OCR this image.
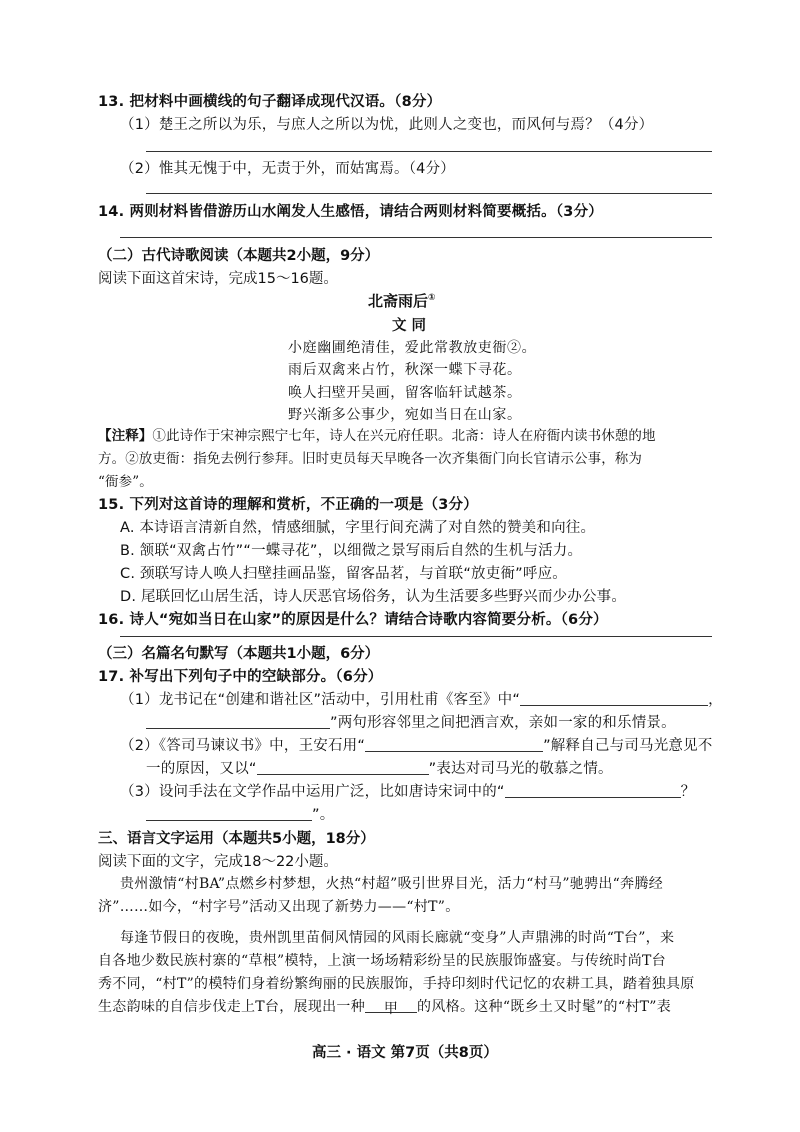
13. 把材料中画横线的句子翻译成现代汉语。（8分）
（1）楚王之所以为乐，与庶人之所以为忧，此则人之变也，而风何与焉？（4分）
（2）惟其无愧于中，无责于外，而姑寓焉。（4分）
14. 两则材料皆借游历山水阐发人生感悟，请结合两则材料简要概括。（3分）
（二）古代诗歌阅读（本题共2小题，9分）
阅读下面这首宋诗，完成15～16题。
北斋雨后①
文 同
小庭幽圃绝清佳，爱此常教放吏衙②。
雨后双禽来占竹，秋深一蝶下寻花。
唤人扫壁开吴画，留客临轩试越茶。
野兴渐多公事少，宛如当日在山家。
【注释】①此诗作于宋神宗熙宁七年，诗人在兴元府任职。北斋：诗人在府衙内读书休憩的地
方。②放吏衙：指免去例行参拜。旧时吏员每天早晚各一次齐集衙门向长官请示公事，称为
“衙参”。
15. 下列对这首诗的理解和赏析，不正确的一项是（3分）
A. 本诗语言清新自然，情感细腻，字里行间充满了对自然的赞美和向往。
B. 颔联“双禽占竹”“一蝶寻花”，以细微之景写雨后自然的生机与活力。
C. 颈联写诗人唤人扫壁挂画品鉴，留客品茗，与首联“放吏衙”呼应。
D. 尾联回忆山居生活，诗人厌恶官场俗务，认为生活要多些野兴而少办公事。
16. 诗人“宛如当日在山家”的原因是什么？请结合诗歌内容简要分析。（6分）
（三）名篇名句默写（本题共1小题，6分）
17. 补写出下列句子中的空缺部分。（6分）
（1）龙书记在“创建和谐社区”活动中，引用杜甫《客至》中“	，
”两句形容邻里之间把酒言欢，亲如一家的和乐情景。
（2）《答司马谏议书》中，王安石用“	”解释自己与司马光意见不
一的原因，又以“	”表达对司马光的敬慕之情。
（3）设问手法在文学作品中运用广泛，比如唐诗宋词中的“	？
”。
三、语言文字运用（本题共5小题，18分）
阅读下面的文字，完成18～22小题。
贵州激情“村BA”点燃乡村梦想，火热“村超”吸引世界目光，活力“村马”驰骋出“奔腾经
济”……如今，“村字号”活动又出现了新势力——“村T”。
每逢节假日的夜晚，贵州凯里苗侗风情园的风雨长廊就“变身”人声鼎沸的时尚“T台”，来
自各地少数民族村寨的“草根”模特，上演一场场精彩纷呈的民族服饰盛宴。与传统时尚T台
秀不同，“村T”的模特们身着纷繁绚丽的民族服饰，手持印刻时代记忆的农耕工具，踏着独具原
生态韵味的自信步伐走上T台，展现出一种 甲 的风格。这种“既乡土又时髦”的“村T”表
高三 · 语文 第7页（共8页）
